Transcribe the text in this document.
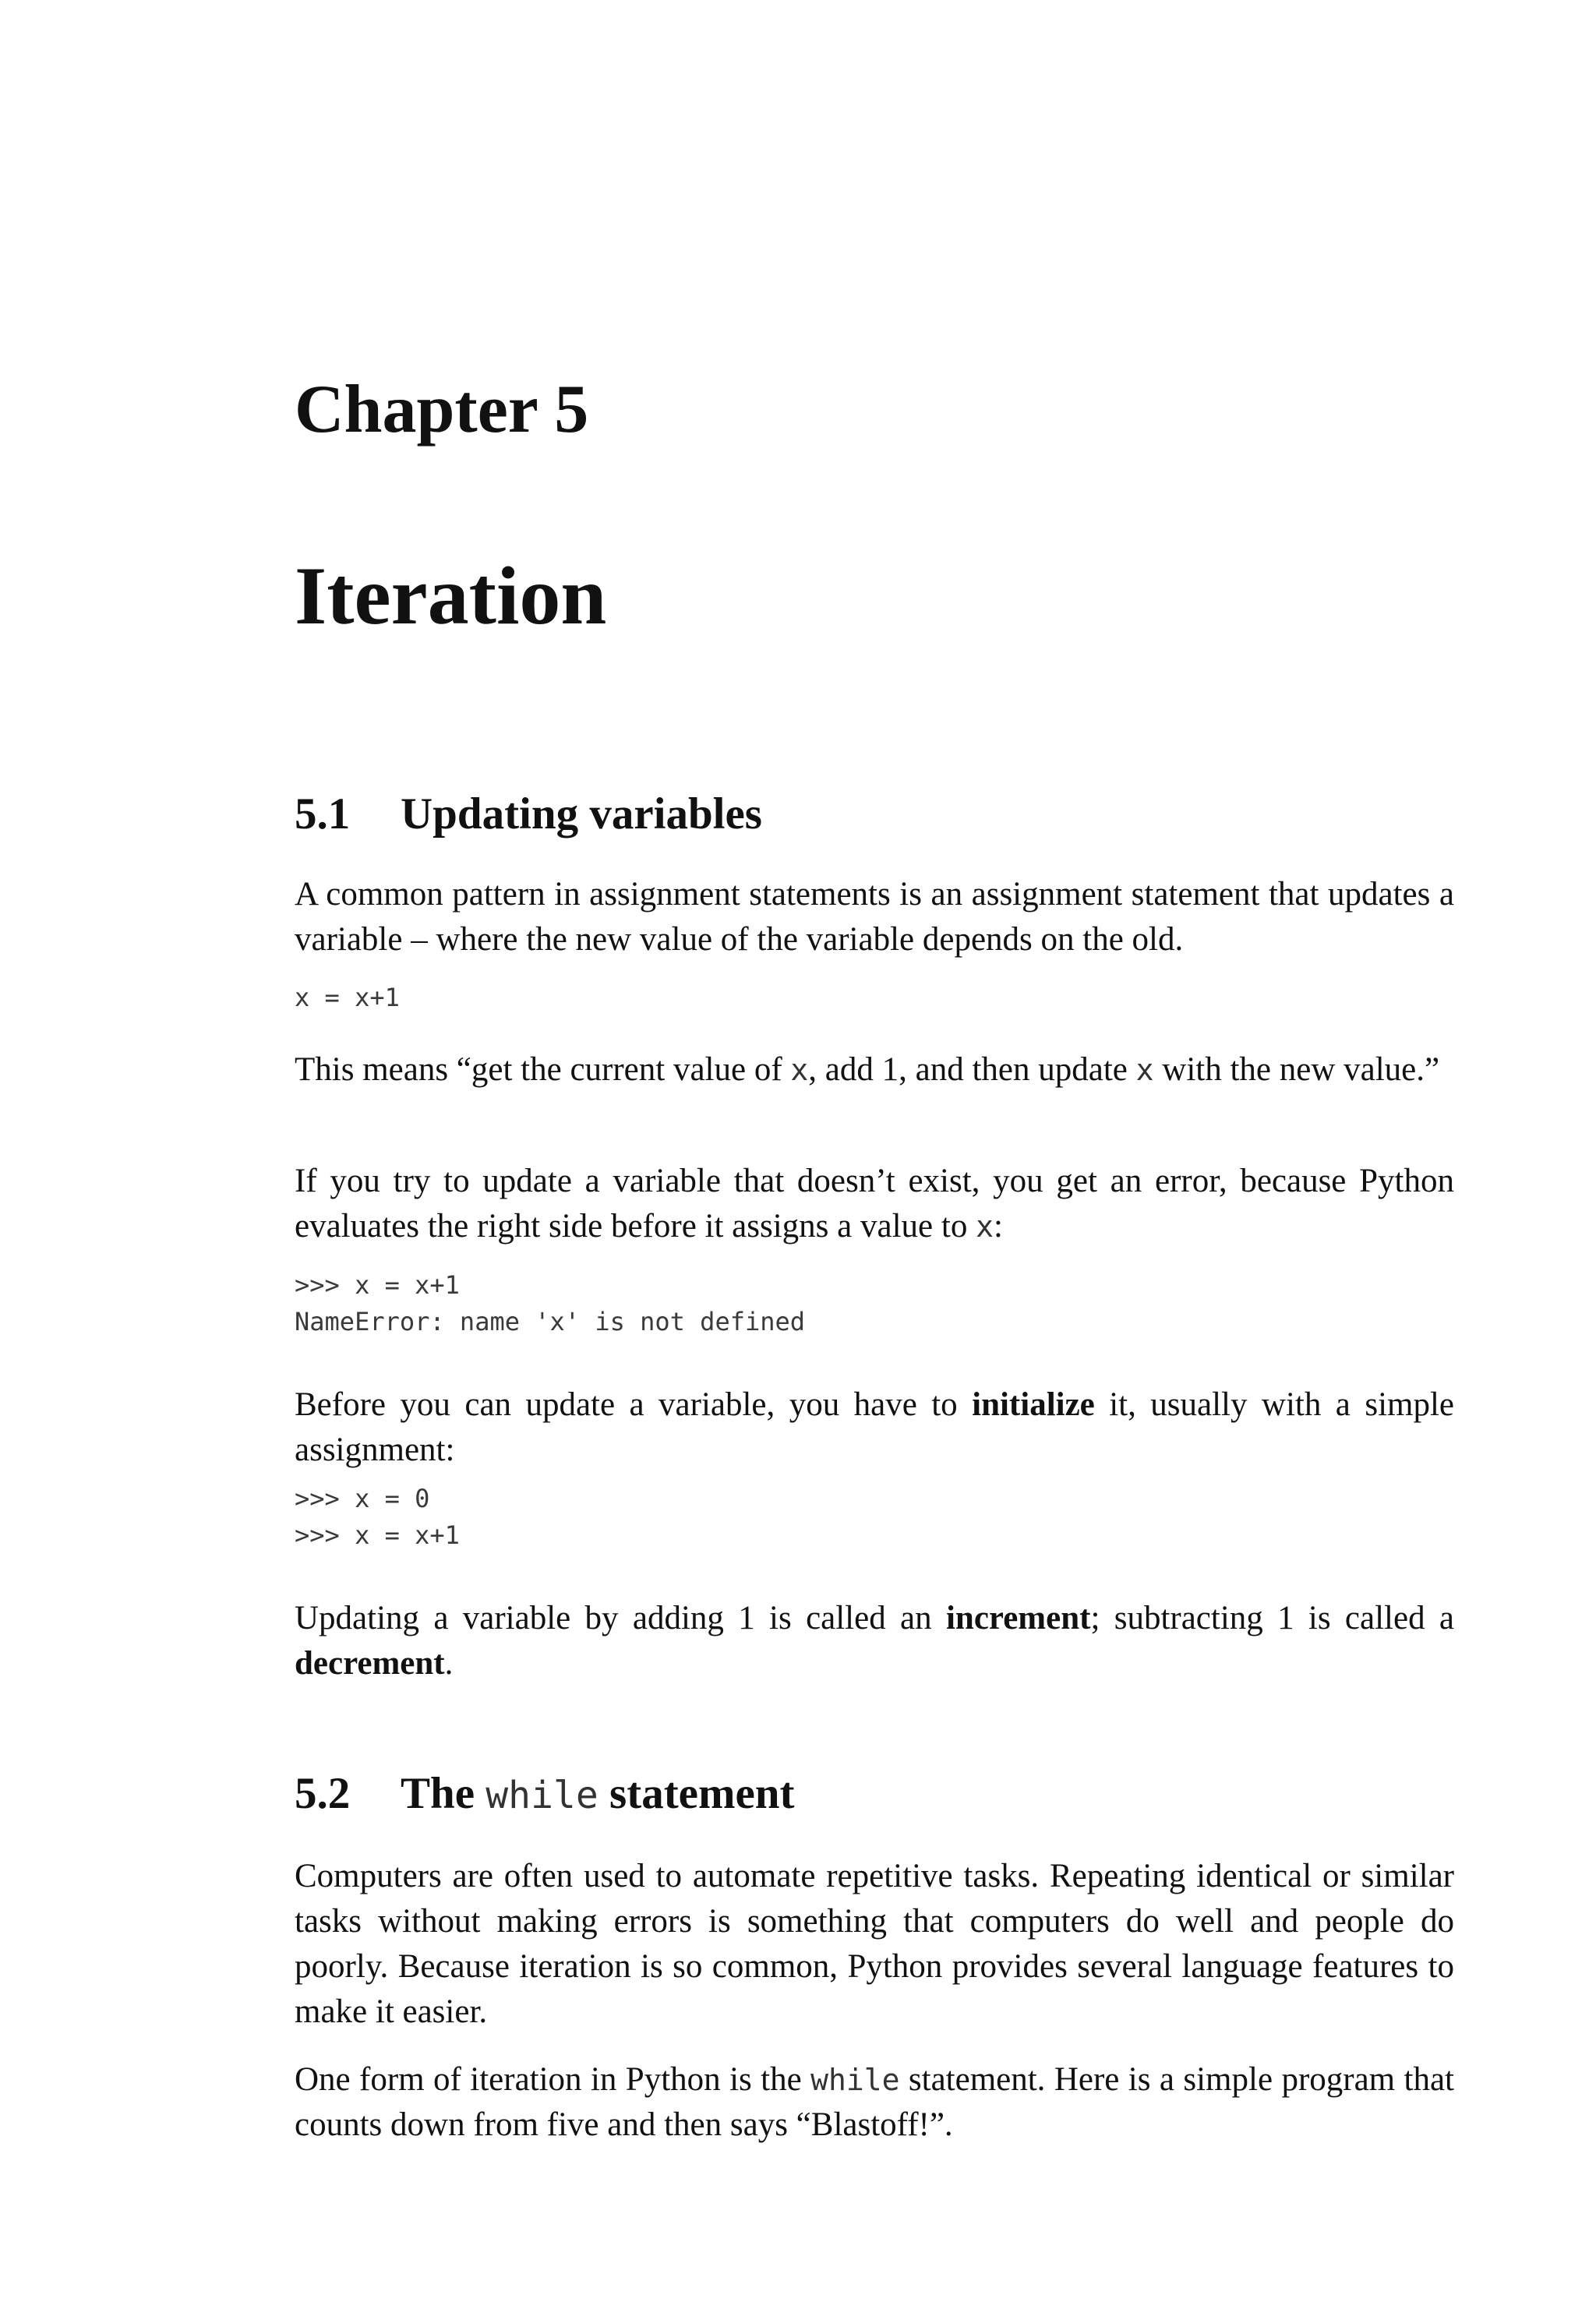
Chapter 5
Iteration
5.1 Updating variables

A common pattern in assignment statements is an assignment statement that updates a variable – where the new value of the variable depends on the old.

x = x+1

This means “get the current value of x, add 1, and then update x with the new value.”

If you try to update a variable that doesn’t exist, you get an error, because Python evaluates the right side before it assigns a value to x:

>>> x = x+1
NameError: name 'x' is not defined

Before you can update a variable, you have to initialize it, usually with a simple assignment:

>>> x = 0
>>> x = x+1

Updating a variable by adding 1 is called an increment; subtracting 1 is called a decrement.

5.2 The while statement

Computers are often used to automate repetitive tasks. Repeating identical or similar tasks without making errors is something that computers do well and people do poorly. Because iteration is so common, Python provides several language features to make it easier.

One form of iteration in Python is the while statement. Here is a simple program that counts down from five and then says “Blastoff!”.
